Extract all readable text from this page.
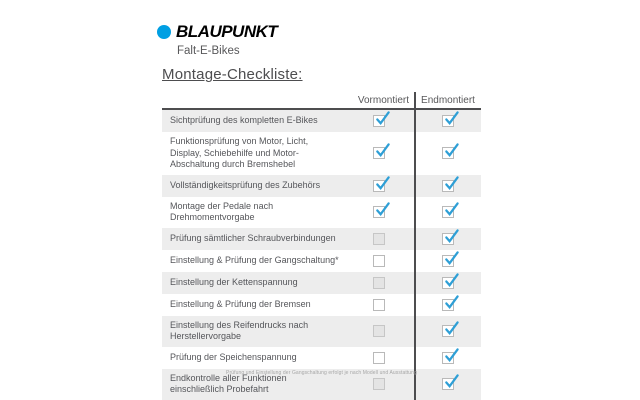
BLAUPUNKT
Falt-E-Bikes
Montage-Checkliste:
Vormontiert	Endmontiert
Sichtprüfung des kompletten E-Bikes
Funktionsprüfung von Motor, Licht, Display, Schiebehilfe und Motor-Abschaltung durch Bremshebel
Vollständigkeitsprüfung des Zubehörs
Montage der Pedale nach Drehmomentvorgabe
Prüfung sämtlicher Schraubverbindungen
Einstellung & Prüfung der Gangschaltung*
Einstellung der Kettenspannung
Einstellung & Prüfung der Bremsen
Einstellung des Reifendrucks nach Herstellervorgabe
Prüfung der Speichenspannung
Endkontrolle aller Funktionen einschließlich Probefahrt
Prüfung und Einstellung der Gangschaltung erfolgt je nach Modell und Ausstattung
